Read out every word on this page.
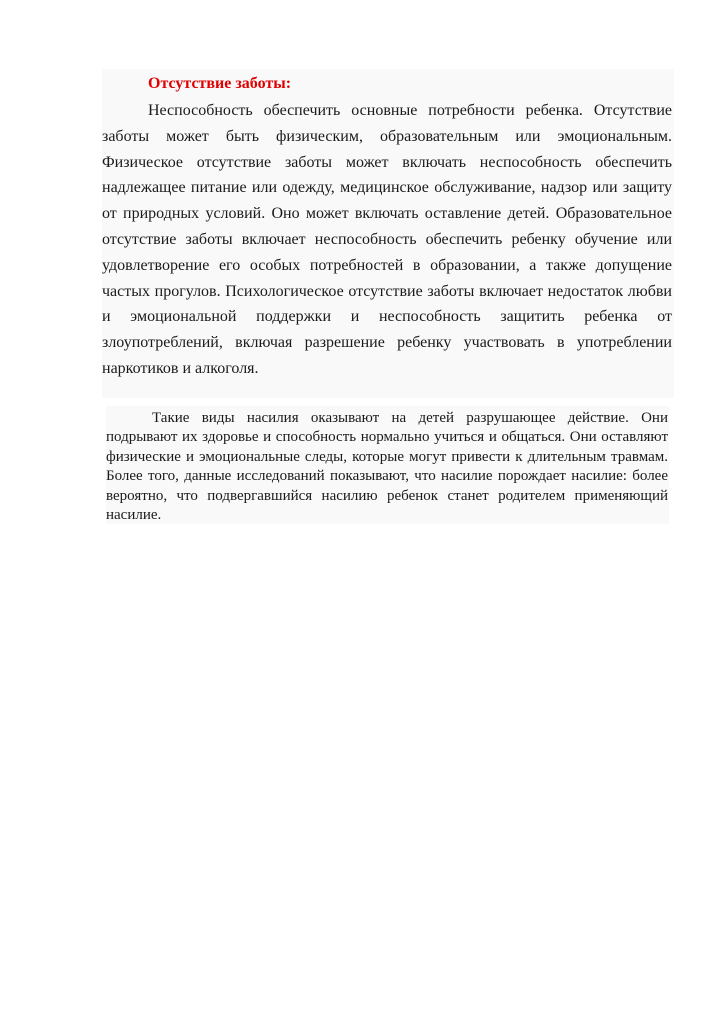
Отсутствие заботы:

Неспособность обеспечить основные потребности ребенка. Отсутствие заботы может быть физическим, образовательным или эмоциональным. Физическое отсутствие заботы может включать неспособность обеспечить надлежащее питание или одежду, медицинское обслуживание, надзор или защиту от природных условий. Оно может включать оставление детей. Образовательное отсутствие заботы включает неспособность обеспечить ребенку обучение или удовлетворение его особых потребностей в образовании, а также допущение частых прогулов. Психологическое отсутствие заботы включает недостаток любви и эмоциональной поддержки и неспособность защитить ребенка от злоупотреблений, включая разрешение ребенку участвовать в употреблении наркотиков и алкоголя.

Такие виды насилия оказывают на детей разрушающее действие. Они подрывают их здоровье и способность нормально учиться и общаться. Они оставляют физические и эмоциональные следы, которые могут привести к длительным травмам. Более того, данные исследований показывают, что насилие порождает насилие: более вероятно, что подвергавшийся насилию ребенок станет родителем применяющий насилие.
